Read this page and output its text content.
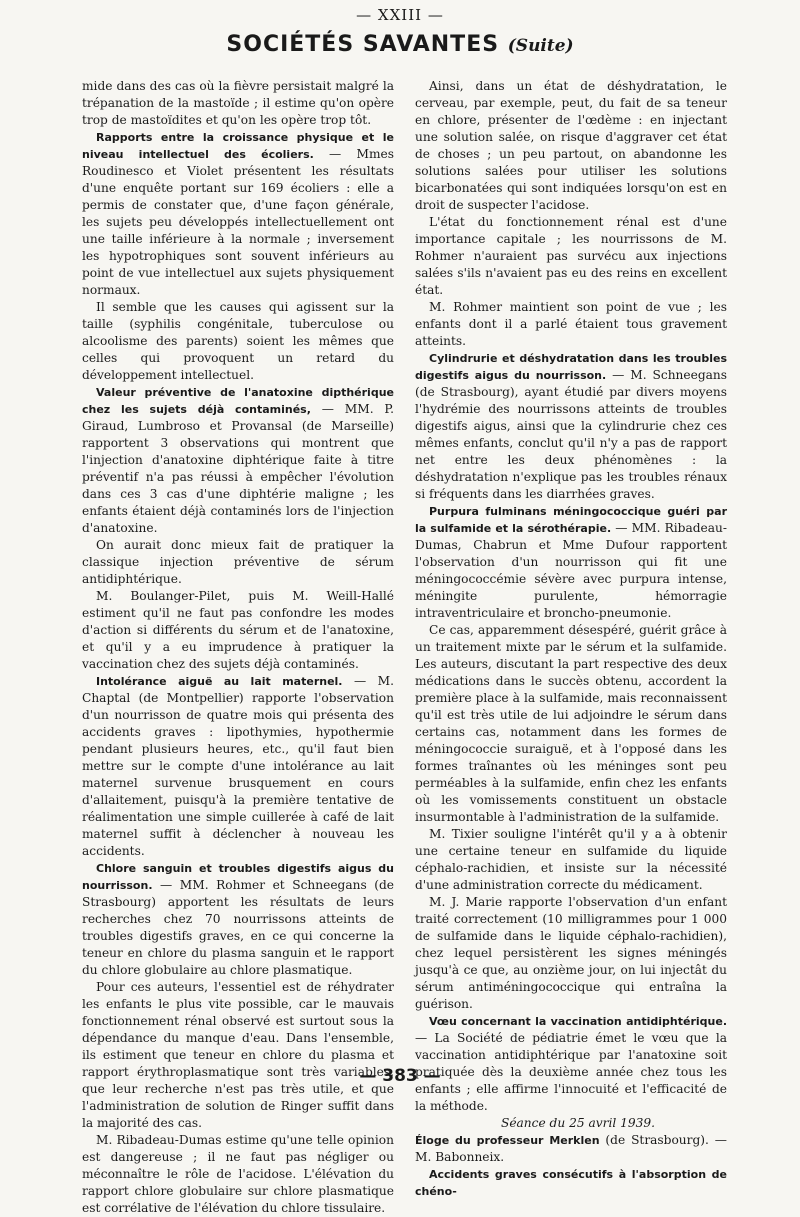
— XXIII —
SOCIÉTÉS SAVANTES (Suite)

mide dans des cas où la fièvre persistait malgré la trépanation de la mastoïde ; il estime qu'on opère trop de mastoïdites et qu'on les opère trop tôt.

Rapports entre la croissance physique et le niveau intellectuel des écoliers. — Mmes Roudinesco et Violet présentent les résultats d'une enquête portant sur 169 écoliers : elle a permis de constater que, d'une façon générale, les sujets peu développés intellectuellement ont une taille inférieure à la normale ; inversement les hypotrophiques sont souvent inférieurs au point de vue intellectuel aux sujets physiquement normaux.

Il semble que les causes qui agissent sur la taille (syphilis congénitale, tuberculose ou alcoolisme des parents) soient les mêmes que celles qui provoquent un retard du développement intellectuel.

Valeur préventive de l'anatoxine dipthérique chez les sujets déjà contaminés, — MM. P. Giraud, Lumbroso et Provansal (de Marseille) rapportent 3 observations qui montrent que l'injection d'anatoxine diphtérique faite à titre préventif n'a pas réussi à empêcher l'évolution dans ces 3 cas d'une diphtérie maligne ; les enfants étaient déjà contaminés lors de l'injection d'anatoxine.

On aurait donc mieux fait de pratiquer la classique injection préventive de sérum antidiphtérique.

M. Boulanger-Pilet, puis M. Weill-Hallé estiment qu'il ne faut pas confondre les modes d'action si différents du sérum et de l'anatoxine, et qu'il y a eu imprudence à pratiquer la vaccination chez des sujets déjà contaminés.

Intolérance aiguë au lait maternel. — M. Chaptal (de Montpellier) rapporte l'observation d'un nourrisson de quatre mois qui présenta des accidents graves : lipothymies, hypothermie pendant plusieurs heures, etc., qu'il faut bien mettre sur le compte d'une intolérance au lait maternel survenue brusquement en cours d'allaitement, puisqu'à la première tentative de réalimentation une simple cuillerée à café de lait maternel suffit à déclencher à nouveau les accidents.

Chlore sanguin et troubles digestifs aigus du nourrisson. — MM. Rohmer et Schneegans (de Strasbourg) apportent les résultats de leurs recherches chez 70 nourrissons atteints de troubles digestifs graves, en ce qui concerne la teneur en chlore du plasma sanguin et le rapport du chlore globulaire au chlore plasmatique.

Pour ces auteurs, l'essentiel est de réhydrater les enfants le plus vite possible, car le mauvais fonctionnement rénal observé est surtout sous la dépendance du manque d'eau. Dans l'ensemble, ils estiment que teneur en chlore du plasma et rapport érythroplasmatique sont très variables, que leur recherche n'est pas très utile, et que l'administration de solution de Ringer suffit dans la majorité des cas.

M. Ribadeau-Dumas estime qu'une telle opinion est dangereuse ; il ne faut pas négliger ou méconnaître le rôle de l'acidose. L'élévation du rapport chlore globulaire sur chlore plasmatique est corrélative de l'élévation du chlore tissulaire.

Ainsi, dans un état de déshydratation, le cerveau, par exemple, peut, du fait de sa teneur en chlore, présenter de l'œdème : en injectant une solution salée, on risque d'aggraver cet état de choses ; un peu partout, on abandonne les solutions salées pour utiliser les solutions bicarbonatées qui sont indiquées lorsqu'on est en droit de suspecter l'acidose.

L'état du fonctionnement rénal est d'une importance capitale ; les nourrissons de M. Rohmer n'auraient pas survécu aux injections salées s'ils n'avaient pas eu des reins en excellent état.

M. Rohmer maintient son point de vue ; les enfants dont il a parlé étaient tous gravement atteints.

Cylindrurie et déshydratation dans les troubles digestifs aigus du nourrisson. — M. Schneegans (de Strasbourg), ayant étudié par divers moyens l'hydrémie des nourrissons atteints de troubles digestifs aigus, ainsi que la cylindrurie chez ces mêmes enfants, conclut qu'il n'y a pas de rapport net entre les deux phénomènes : la déshydratation n'explique pas les troubles rénaux si fréquents dans les diarrhées graves.

Purpura fulminans méningococcique guéri par la sulfamide et la sérothérapie. — MM. Ribadeau-Dumas, Chabrun et Mme Dufour rapportent l'observation d'un nourrisson qui fit une méningococcémie sévère avec purpura intense, méningite purulente, hémorragie intraventriculaire et broncho-pneumonie.

Ce cas, apparemment désespéré, guérit grâce à un traitement mixte par le sérum et la sulfamide. Les auteurs, discutant la part respective des deux médications dans le succès obtenu, accordent la première place à la sulfamide, mais reconnaissent qu'il est très utile de lui adjoindre le sérum dans certains cas, notamment dans les formes de méningococcie suraiguë, et à l'opposé dans les formes traînantes où les méninges sont peu perméables à la sulfamide, enfin chez les enfants où les vomissements constituent un obstacle insurmontable à l'administration de la sulfamide.

M. Tixier souligne l'intérêt qu'il y a à obtenir une certaine teneur en sulfamide du liquide céphalo-rachidien, et insiste sur la nécessité d'une administration correcte du médicament.

M. J. Marie rapporte l'observation d'un enfant traité correctement (10 milligrammes pour 1 000 de sulfamide dans le liquide céphalo-rachidien), chez lequel persistèrent les signes méningés jusqu'à ce que, au onzième jour, on lui injectât du sérum antiméningococcique qui entraîna la guérison.

Vœu concernant la vaccination antidiphtérique. — La Société de pédiatrie émet le vœu que la vaccination antidiphtérique par l'anatoxine soit pratiquée dès la deuxième année chez tous les enfants ; elle affirme l'innocuité et l'efficacité de la méthode.

Séance du 25 avril 1939.

Éloge du professeur Merklen (de Strasbourg). — M. Babonneix.

Accidents graves consécutifs à l'absorption de chéno-

— 383 —
